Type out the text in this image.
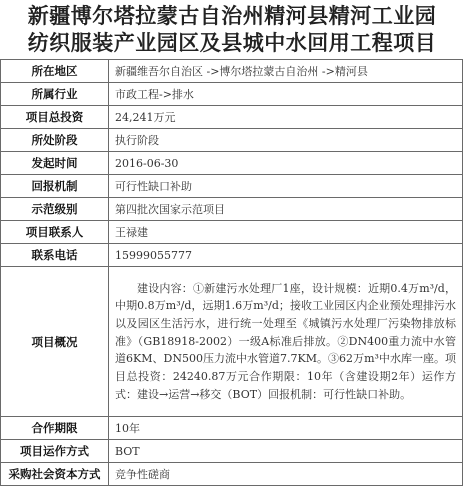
新疆博尔塔拉蒙古自治州精河县精河工业园
纺织服装产业园区及县城中水回用工程项目
所在地区	新疆维吾尔自治区 ->博尔塔拉蒙古自治州 ->精河县
所属行业	市政工程->排水
项目总投资	24,241万元
所处阶段	执行阶段
发起时间	2016-06-30
回报机制	可行性缺口补助
示范级别	第四批次国家示范项目
项目联系人	王禄建
联系电话	15999055777
项目概况	建设内容：①新建污水处理厂1座，设计规模：近期0.4万m³/d，中期0.8万m³/d，远期1.6万m³/d；接收工业园区内企业预处理排污水以及园区生活污水，进行统一处理至《城镇污水处理厂污染物排放标准》（GB18918-2002）一级A标准后排放。②DN400重力流中水管道6KM、DN500压力流中水管道7.7KM。③62万m³中水库一座。项目总投资：24240.87万元合作期限：10年（含建设期2年）运作方式：建设→运营→移交（BOT）回报机制：可行性缺口补助。
合作期限	10年
项目运作方式	BOT
采购社会资本方式	竞争性磋商
